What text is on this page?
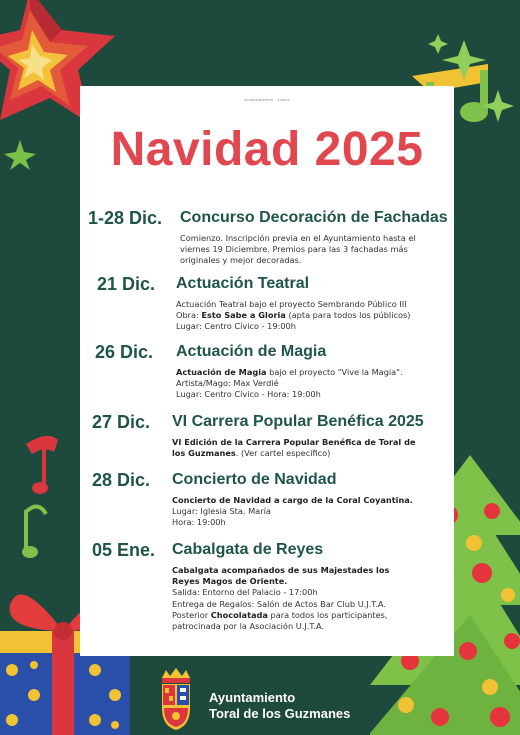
AYUNTAMIENTO · TORAL
Navidad 2025
1-28 Dic. Concurso Decoración de Fachadas
Comienzo. Inscripción previa en el Ayuntamiento hasta el
viernes 19 Diciembre. Premios para las 3 fachadas más
originales y mejor decoradas.
21 Dic. Actuación Teatral
Actuación Teatral bajo el proyecto Sembrando Público III
Obra: Esto Sabe a Gloria (apta para todos los públicos)
Lugar: Centro Cívico - 19:00h
26 Dic. Actuación de Magia
Actuación de Magia bajo el proyecto "Vive la Magia".
Artista/Mago: Max Verdié
Lugar: Centro Cívico - Hora: 19:00h
27 Dic. VI Carrera Popular Benéfica 2025
VI Edición de la Carrera Popular Benéfica de Toral de
los Guzmanes. (Ver cartel específico)
28 Dic. Concierto de Navidad
Concierto de Navidad a cargo de la Coral Coyantina.
Lugar: Iglesia Sta. María
Hora: 19:00h
05 Ene. Cabalgata de Reyes
Cabalgata acompañados de sus Majestades los
Reyes Magos de Oriente.
Salida: Entorno del Palacio - 17:00h
Entrega de Regalos: Salón de Actos Bar Club U.J.T.A.
Posterior Chocolatada para todos los participantes,
patrocinada por la Asociación U.J.T.A.
Ayuntamiento
Toral de los Guzmanes
